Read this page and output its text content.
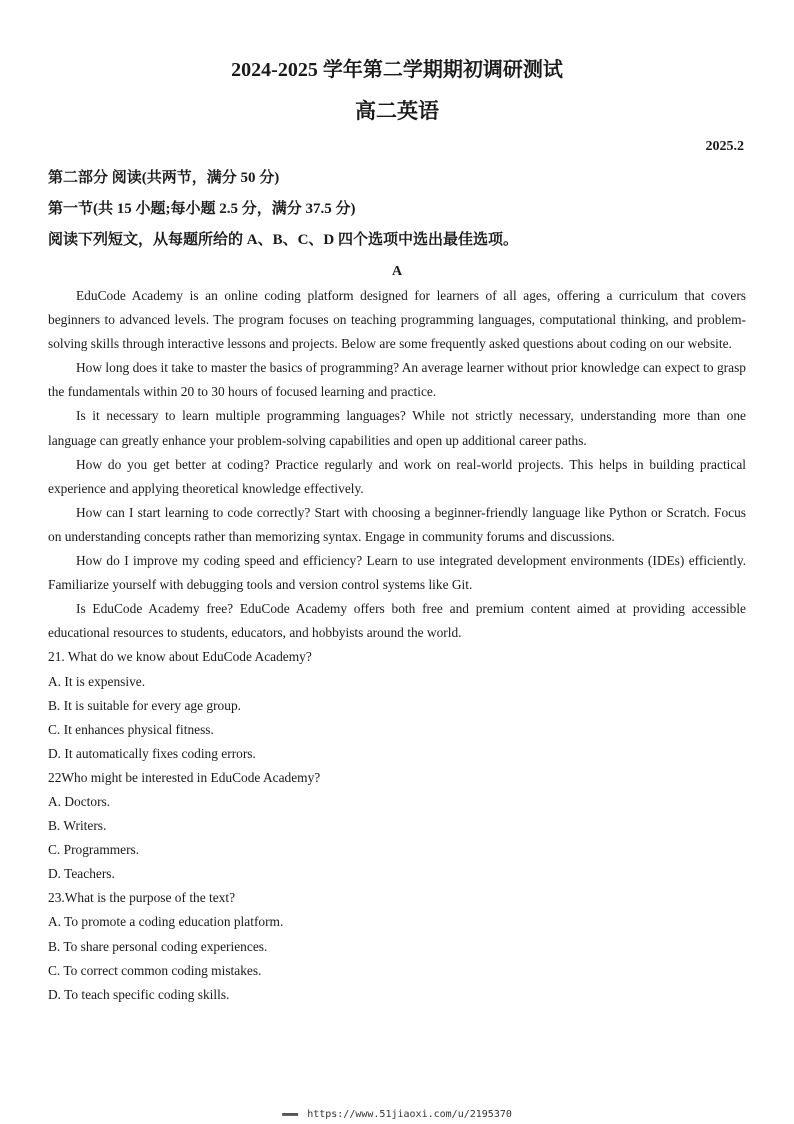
2024-2025 学年第二学期期初调研测试
高二英语
2025.2
第二部分 阅读(共两节，满分 50 分)
第一节(共 15 小题;每小题 2.5 分，满分 37.5 分)
阅读下列短文，从每题所给的 A、B、C、D 四个选项中选出最佳选项。
A

EduCode Academy is an online coding platform designed for learners of all ages, offering a curriculum that covers beginners to advanced levels. The program focuses on teaching programming languages, computational thinking, and problem-solving skills through interactive lessons and projects. Below are some frequently asked questions about coding on our website.

How long does it take to master the basics of programming? An average learner without prior knowledge can expect to grasp the fundamentals within 20 to 30 hours of focused learning and practice.

Is it necessary to learn multiple programming languages? While not strictly necessary, understanding more than one language can greatly enhance your problem-solving capabilities and open up additional career paths.

How do you get better at coding? Practice regularly and work on real-world projects. This helps in building practical experience and applying theoretical knowledge effectively.

How can I start learning to code correctly? Start with choosing a beginner-friendly language like Python or Scratch. Focus on understanding concepts rather than memorizing syntax. Engage in community forums and discussions.

How do I improve my coding speed and efficiency? Learn to use integrated development environments (IDEs) efficiently. Familiarize yourself with debugging tools and version control systems like Git.

Is EduCode Academy free? EduCode Academy offers both free and premium content aimed at providing accessible educational resources to students, educators, and hobbyists around the world.

21. What do we know about EduCode Academy?

A. It is expensive.

B. It is suitable for every age group.

C. It enhances physical fitness.

D. It automatically fixes coding errors.

22Who might be interested in EduCode Academy?

A. Doctors.

B. Writers.

C. Programmers.

D. Teachers.

23.What is the purpose of the text?

A. To promote a coding education platform.

B. To share personal coding experiences.

C. To correct common coding mistakes.

D. To teach specific coding skills.

▬▬▬ https://www.51jiaoxi.com/u/2195370
